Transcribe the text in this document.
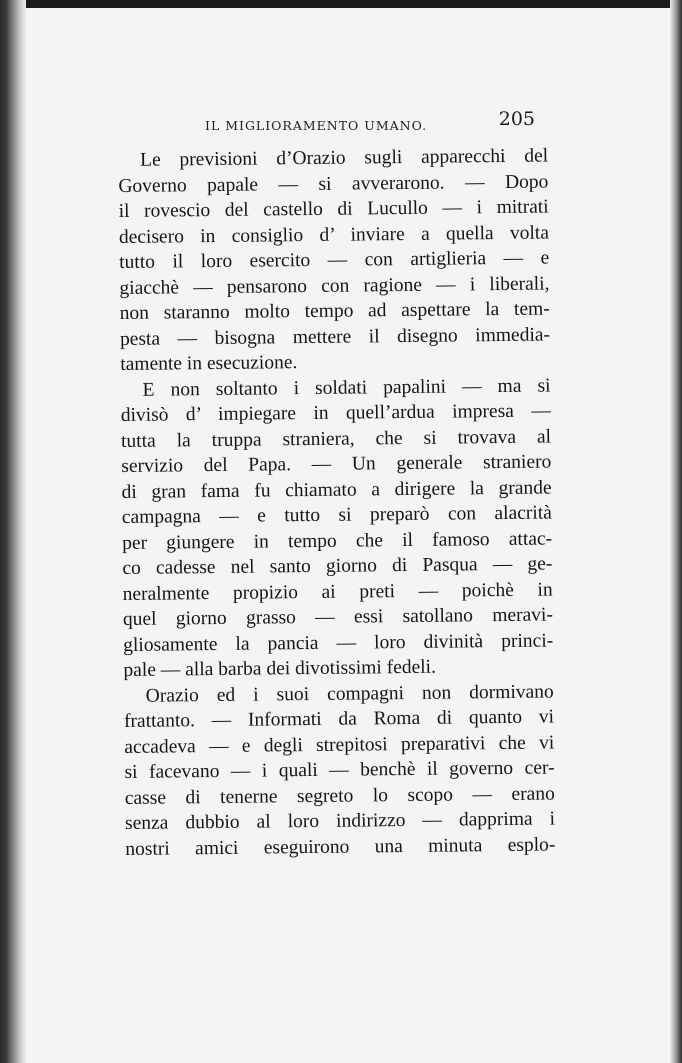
IL MIGLIORAMENTO UMANO.	205
Le previsioni d’Orazio sugli apparecchi del
Governo papale — si avverarono. — Dopo
il rovescio del castello di Lucullo — i mitrati
decisero in consiglio d’ inviare a quella volta
tutto il loro esercito — con artiglieria — e
giacchè — pensarono con ragione — i liberali,
non staranno molto tempo ad aspettare la tem-
pesta — bisogna mettere il disegno immedia-
tamente in esecuzione.
E non soltanto i soldati papalini — ma si
divisò d’ impiegare in quell’ardua impresa —
tutta la truppa straniera, che si trovava al
servizio del Papa. — Un generale straniero
di gran fama fu chiamato a dirigere la grande
campagna — e tutto si preparò con alacrità
per giungere in tempo che il famoso attac-
co cadesse nel santo giorno di Pasqua — ge-
neralmente propizio ai preti — poichè in
quel giorno grasso — essi satollano meravi-
gliosamente la pancia — loro divinità princi-
pale — alla barba dei divotissimi fedeli.
Orazio ed i suoi compagni non dormivano
frattanto. — Informati da Roma di quanto vi
accadeva — e degli strepitosi preparativi che vi
si facevano — i quali — benchè il governo cer-
casse di tenerne segreto lo scopo — erano
senza dubbio al loro indirizzo — dapprima i
nostri amici eseguirono una minuta esplo-
